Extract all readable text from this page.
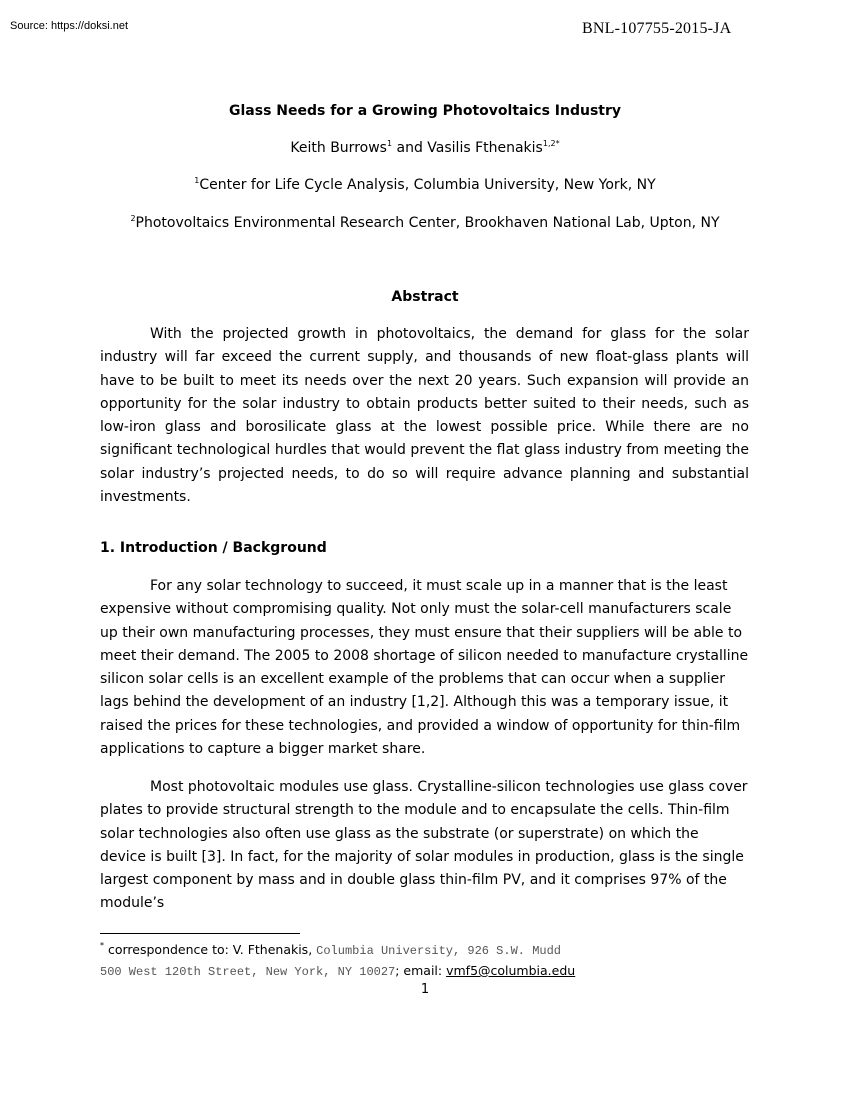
Source: https://doksi.net	BNL-107755-2015-JA
Glass Needs for a Growing Photovoltaics Industry
Keith Burrows$^1$ and Vasilis Fthenakis$^{1,2*}$
$^1$Center for Life Cycle Analysis, Columbia University, New York, NY
$^2$Photovoltaics Environmental Research Center, Brookhaven National Lab, Upton, NY
Abstract

With the projected growth in photovoltaics, the demand for glass for the solar industry will far exceed the current supply, and thousands of new float-glass plants will have to be built to meet its needs over the next 20 years. Such expansion will provide an opportunity for the solar industry to obtain products better suited to their needs, such as low-iron glass and borosilicate glass at the lowest possible price. While there are no significant technological hurdles that would prevent the flat glass industry from meeting the solar industry’s projected needs, to do so will require advance planning and substantial investments.

1. Introduction / Background

For any solar technology to succeed, it must scale up in a manner that is the least expensive without compromising quality. Not only must the solar-cell manufacturers scale up their own manufacturing processes, they must ensure that their suppliers will be able to meet their demand. The 2005 to 2008 shortage of silicon needed to manufacture crystalline silicon solar cells is an excellent example of the problems that can occur when a supplier lags behind the development of an industry [1,2]. Although this was a temporary issue, it raised the prices for these technologies, and provided a window of opportunity for thin-film applications to capture a bigger market share.

Most photovoltaic modules use glass. Crystalline-silicon technologies use glass cover plates to provide structural strength to the module and to encapsulate the cells. Thin-film solar technologies also often use glass as the substrate (or superstrate) on which the device is built [3]. In fact, for the majority of solar modules in production, glass is the single largest component by mass and in double glass thin-film PV, and it comprises 97% of the module’s

* correspondence to: V. Fthenakis, Columbia University, 926 S.W. Mudd
500 West 120th Street, New York, NY 10027; email: vmf5@columbia.edu
1
